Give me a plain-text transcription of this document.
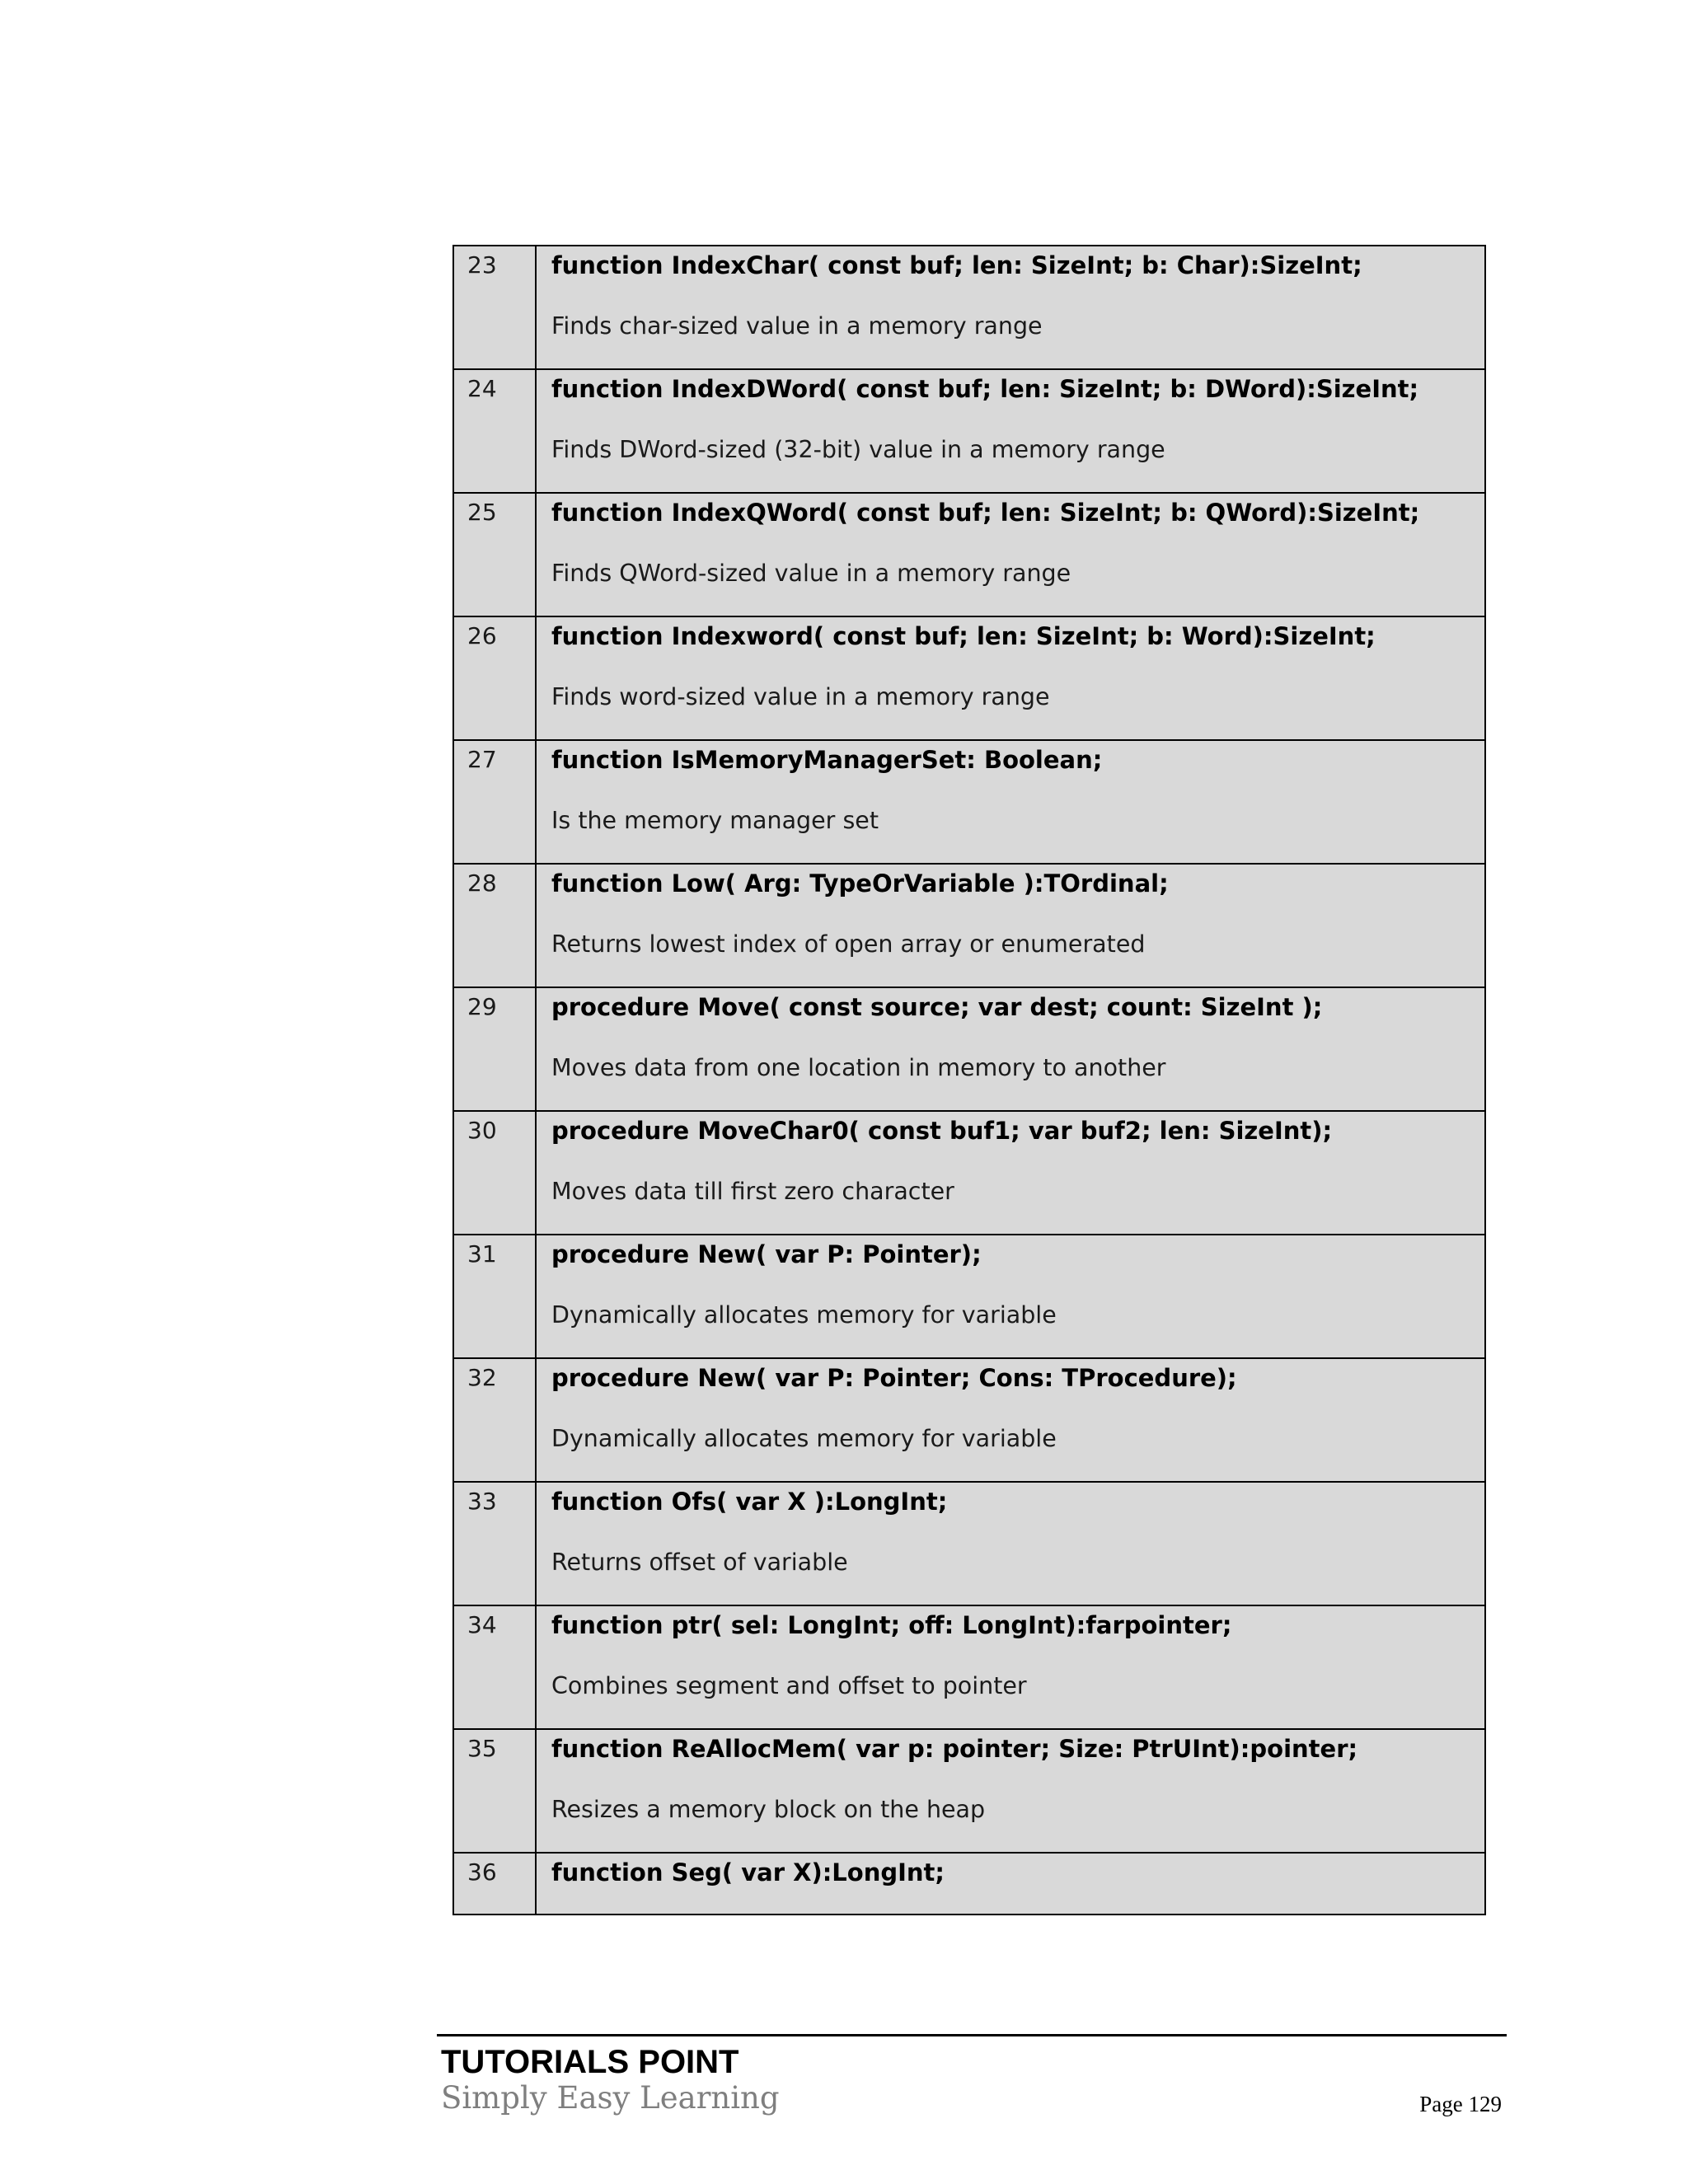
23	function IndexChar( const buf; len: SizeInt; b: Char):SizeInt;
Finds char-sized value in a memory range

24	function IndexDWord( const buf; len: SizeInt; b: DWord):SizeInt;
Finds DWord-sized (32-bit) value in a memory range

25	function IndexQWord( const buf; len: SizeInt; b: QWord):SizeInt;
Finds QWord-sized value in a memory range

26	function Indexword( const buf; len: SizeInt; b: Word):SizeInt;
Finds word-sized value in a memory range

27	function IsMemoryManagerSet: Boolean;
Is the memory manager set

28	function Low( Arg: TypeOrVariable ):TOrdinal;
Returns lowest index of open array or enumerated

29	procedure Move( const source; var dest; count: SizeInt );
Moves data from one location in memory to another

30	procedure MoveChar0( const buf1; var buf2; len: SizeInt);
Moves data till first zero character

31	procedure New( var P: Pointer);
Dynamically allocates memory for variable

32	procedure New( var P: Pointer; Cons: TProcedure);
Dynamically allocates memory for variable

33	function Ofs( var X ):LongInt;
Returns offset of variable

34	function ptr( sel: LongInt; off: LongInt):farpointer;
Combines segment and offset to pointer

35	function ReAllocMem( var p: pointer; Size: PtrUInt):pointer;
Resizes a memory block on the heap

36	function Seg( var X):LongInt;
TUTORIALS POINT
Simply Easy Learning	Page 129
